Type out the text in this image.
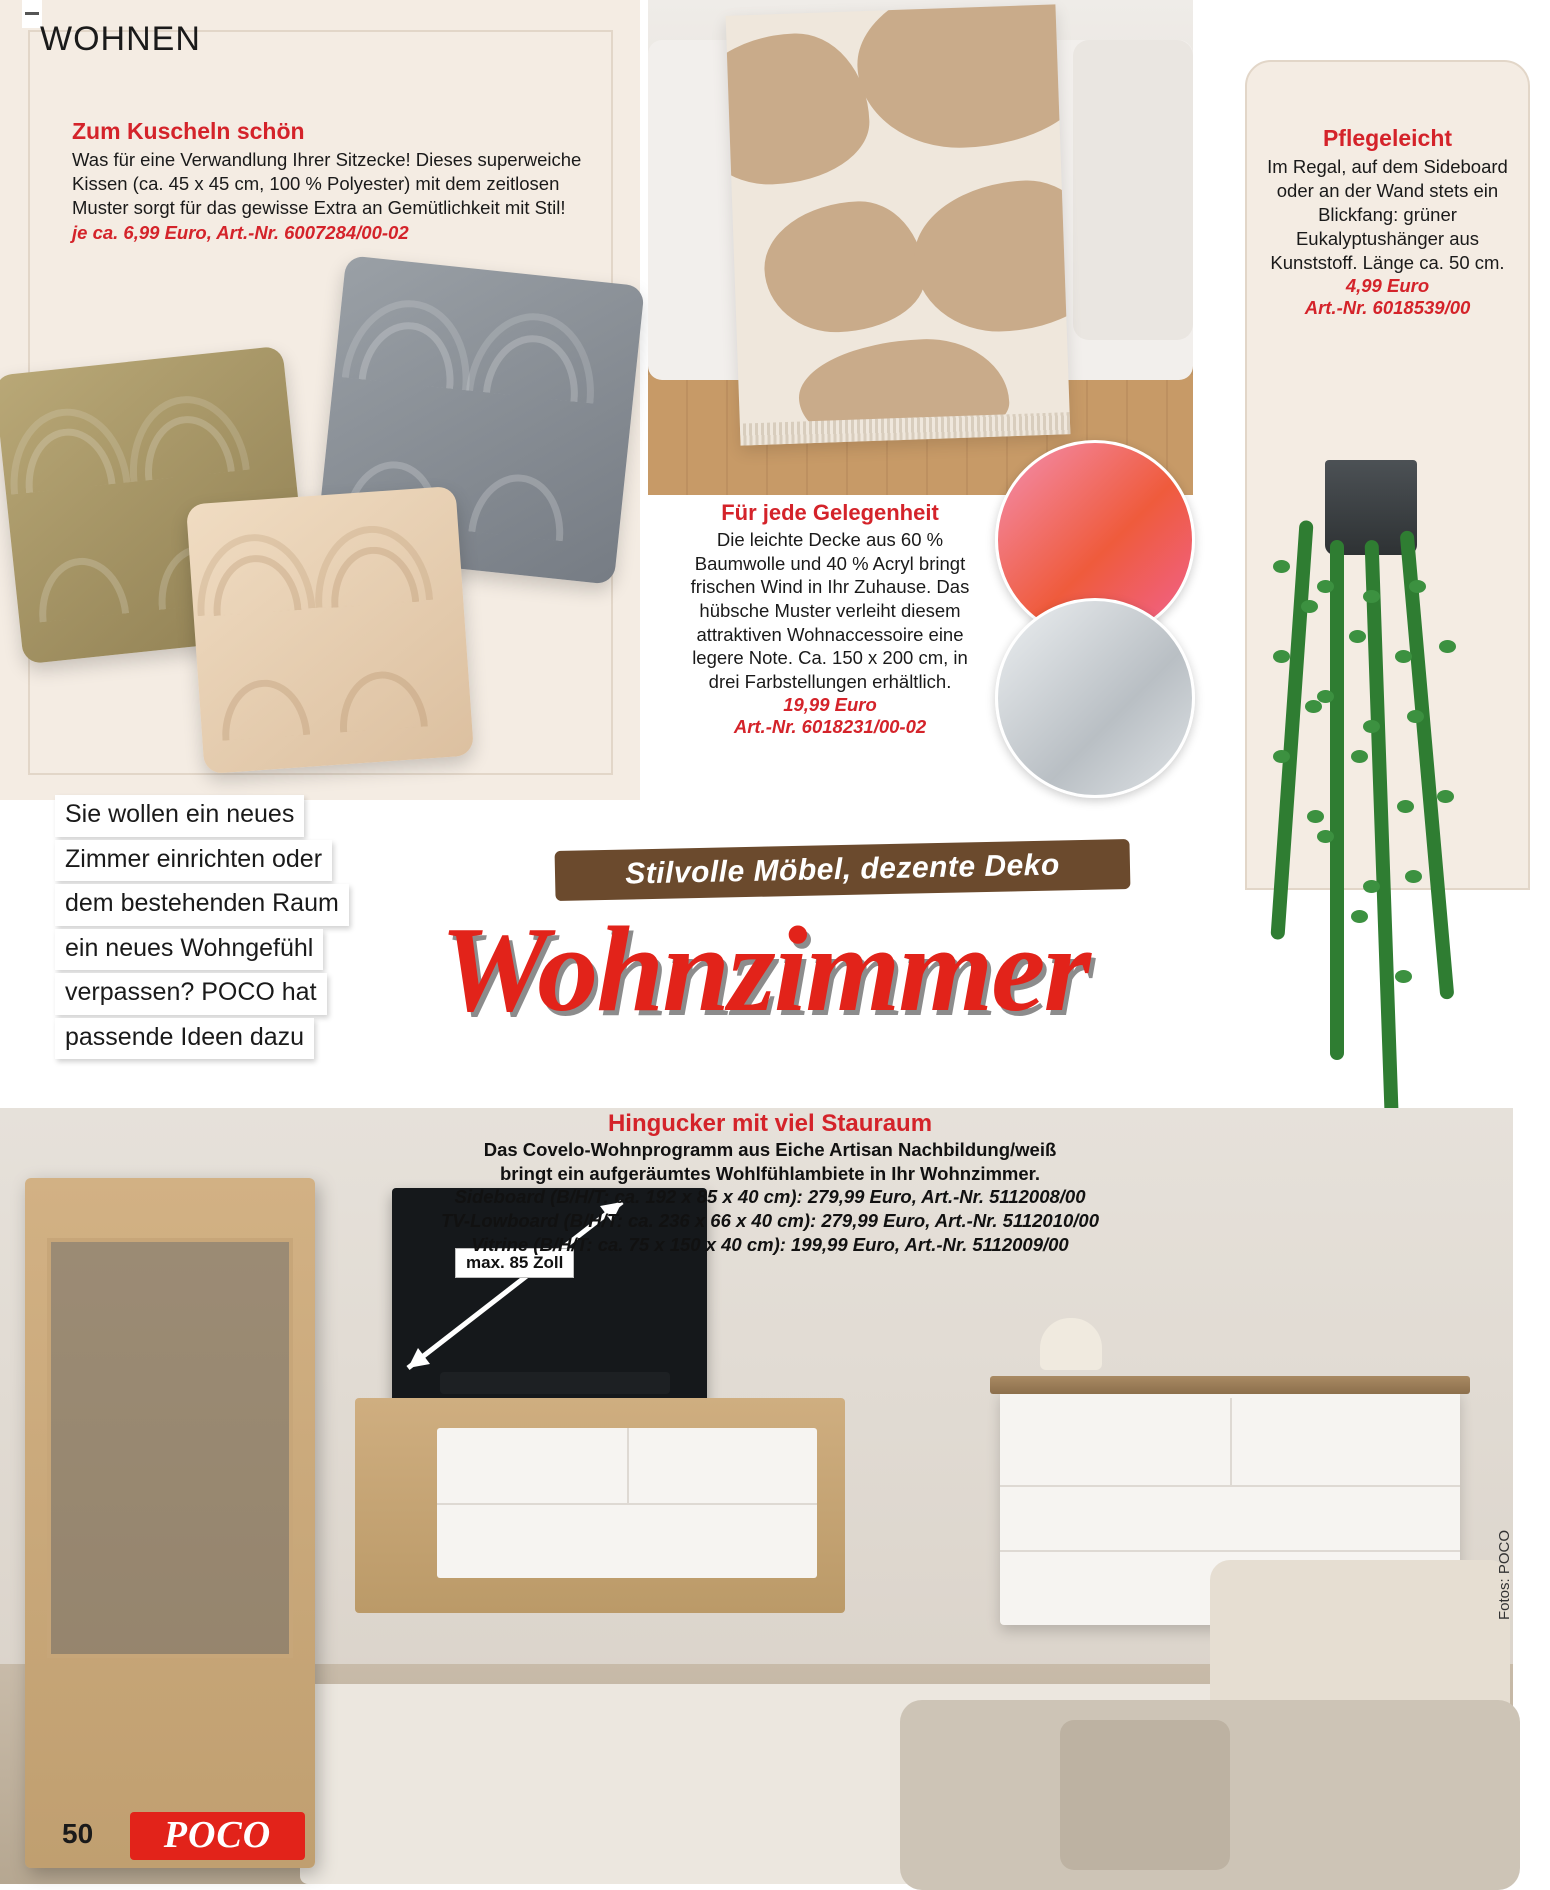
WOHNEN
Zum Kuscheln schön
Was für eine Verwandlung Ihrer Sitzecke! Dieses superweiche Kissen (ca. 45 x 45 cm, 100 % Polyester) mit dem zeitlosen Muster sorgt für das gewisse Extra an Gemütlichkeit mit Stil!
je ca. 6,99 Euro, Art.-Nr. 6007284/00-02
Für jede Gelegenheit
Die leichte Decke aus 60 % Baumwolle und 40 % Acryl bringt frischen Wind in Ihr Zuhause. Das hübsche Muster verleiht diesem attraktiven Wohnaccessoire eine legere Note. Ca. 150 x 200 cm, in drei Farbstellungen erhältlich.
19,99 Euro
Art.-Nr. 6018231/00-02
Pflegeleicht
Im Regal, auf dem Sideboard oder an der Wand stets ein Blickfang: grüner Eukalyptushänger aus Kunststoff. Länge ca. 50 cm.
4,99 Euro
Art.-Nr. 6018539/00
Sie wollen ein neues
Zimmer einrichten oder
dem bestehenden Raum
ein neues Wohngefühl
verpassen? POCO hat
passende Ideen dazu
Stilvolle Möbel, dezente Deko
Wohnzimmer
max. 85 Zoll
Hingucker mit viel Stauraum
Das Covelo-Wohnprogramm aus Eiche Artisan Nachbildung/weiß
bringt ein aufgeräumtes Wohlfühlambiete in Ihr Wohnzimmer.
Sideboard (B/H/T: ca. 192 x 85 x 40 cm): 279,99 Euro, Art.-Nr. 5112008/00
TV-Lowboard (B/H/T: ca. 236 x 66 x 40 cm): 279,99 Euro, Art.-Nr. 5112010/00
Vitrine (B/H/T: ca. 75 x 150 x 40 cm): 199,99 Euro, Art.-Nr. 5112009/00
50	POCO
Fotos: POCO
